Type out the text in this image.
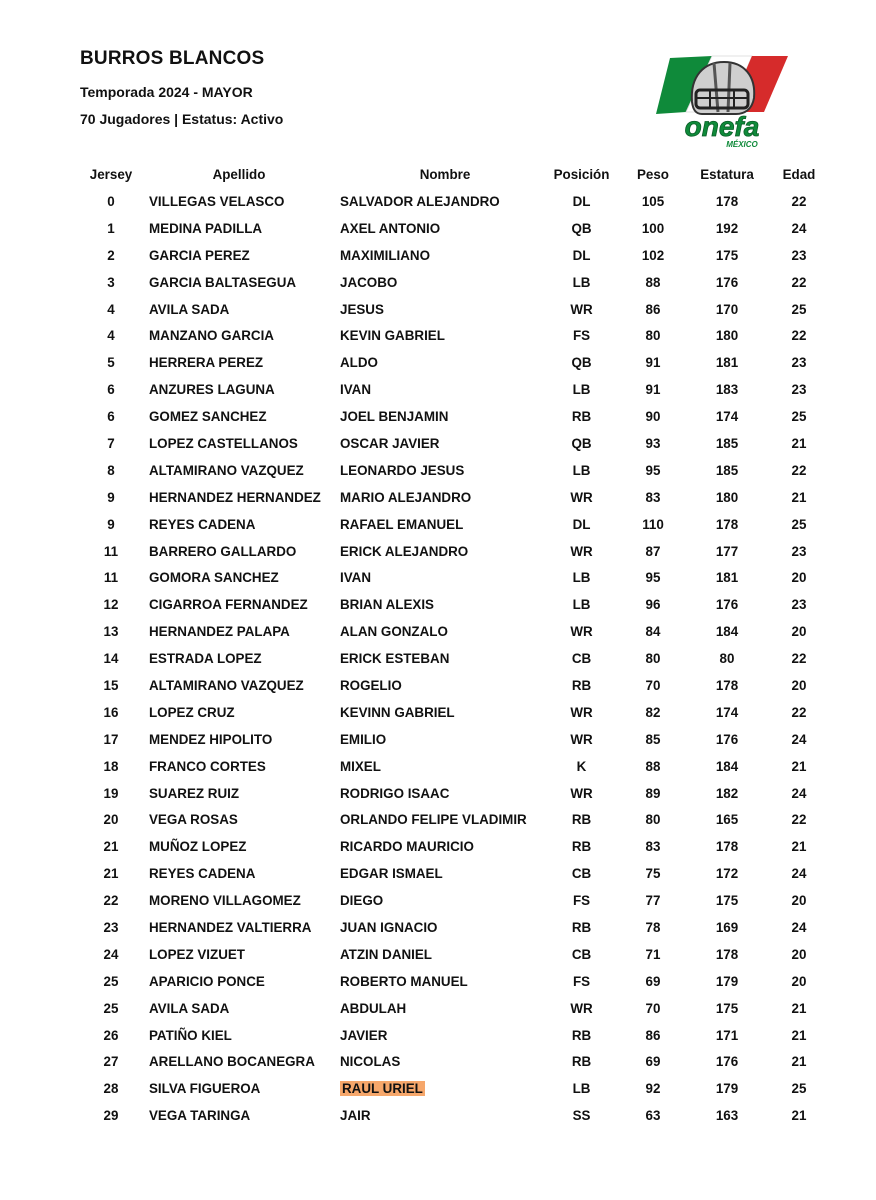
BURROS BLANCOS
Temporada 2024 - MAYOR
70 Jugadores | Estatus: Activo	onefa
MÉXICO
Jersey	Apellido	Nombre	Posición	Peso	Estatura	Edad
0	VILLEGAS VELASCO	SALVADOR ALEJANDRO	DL	105	178	22
1	MEDINA PADILLA	AXEL ANTONIO	QB	100	192	24
2	GARCIA PEREZ	MAXIMILIANO	DL	102	175	23
3	GARCIA BALTASEGUA	JACOBO	LB	88	176	22
4	AVILA SADA	JESUS	WR	86	170	25
4	MANZANO GARCIA	KEVIN GABRIEL	FS	80	180	22
5	HERRERA PEREZ	ALDO	QB	91	181	23
6	ANZURES LAGUNA	IVAN	LB	91	183	23
6	GOMEZ SANCHEZ	JOEL BENJAMIN	RB	90	174	25
7	LOPEZ CASTELLANOS	OSCAR JAVIER	QB	93	185	21
8	ALTAMIRANO VAZQUEZ	LEONARDO JESUS	LB	95	185	22
9	HERNANDEZ HERNANDEZ	MARIO ALEJANDRO	WR	83	180	21
9	REYES CADENA	RAFAEL EMANUEL	DL	110	178	25
11	BARRERO GALLARDO	ERICK ALEJANDRO	WR	87	177	23
11	GOMORA SANCHEZ	IVAN	LB	95	181	20
12	CIGARROA FERNANDEZ	BRIAN ALEXIS	LB	96	176	23
13	HERNANDEZ PALAPA	ALAN GONZALO	WR	84	184	20
14	ESTRADA LOPEZ	ERICK ESTEBAN	CB	80	80	22
15	ALTAMIRANO VAZQUEZ	ROGELIO	RB	70	178	20
16	LOPEZ CRUZ	KEVINN GABRIEL	WR	82	174	22
17	MENDEZ HIPOLITO	EMILIO	WR	85	176	24
18	FRANCO CORTES	MIXEL	K	88	184	21
19	SUAREZ RUIZ	RODRIGO ISAAC	WR	89	182	24
20	VEGA ROSAS	ORLANDO FELIPE VLADIMIR	RB	80	165	22
21	MUÑOZ LOPEZ	RICARDO MAURICIO	RB	83	178	21
21	REYES CADENA	EDGAR ISMAEL	CB	75	172	24
22	MORENO VILLAGOMEZ	DIEGO	FS	77	175	20
23	HERNANDEZ VALTIERRA	JUAN IGNACIO	RB	78	169	24
24	LOPEZ VIZUET	ATZIN DANIEL	CB	71	178	20
25	APARICIO PONCE	ROBERTO MANUEL	FS	69	179	20
25	AVILA SADA	ABDULAH	WR	70	175	21
26	PATIÑO KIEL	JAVIER	RB	86	171	21
27	ARELLANO BOCANEGRA	NICOLAS	RB	69	176	21
28	SILVA FIGUEROA	RAUL URIEL	LB	92	179	25
29	VEGA TARINGA	JAIR	SS	63	163	21
